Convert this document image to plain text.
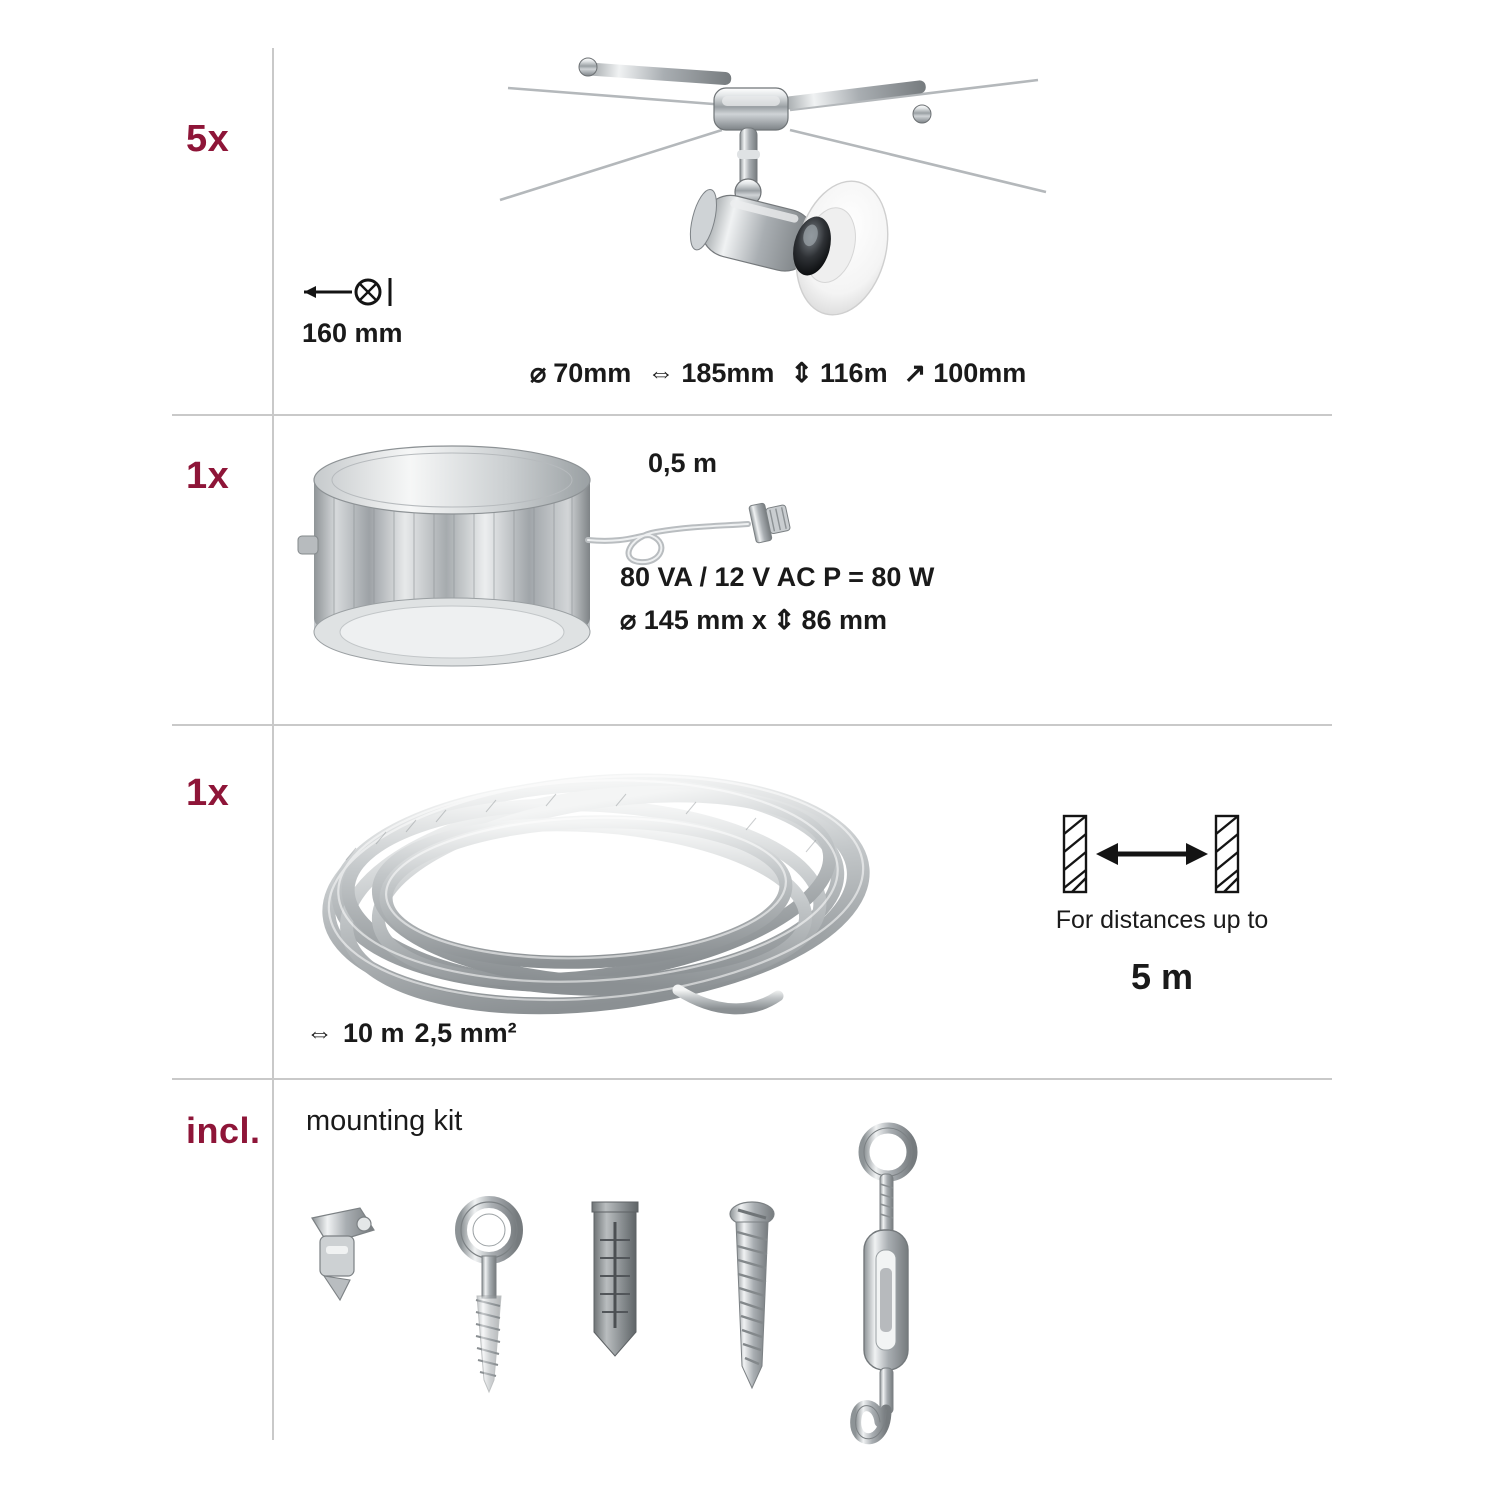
5x
160 mm
⌀ 70mm ⇔ 185mm ⇕ 116m ↗ 100mm
1x	0,5 m
80 VA / 12 V AC P = 80 W
⌀ 145 mm x ⇕ 86 mm
1x
⇔ 10 m 2,5 mm²
For distances up to
5 m
incl.	mounting kit
